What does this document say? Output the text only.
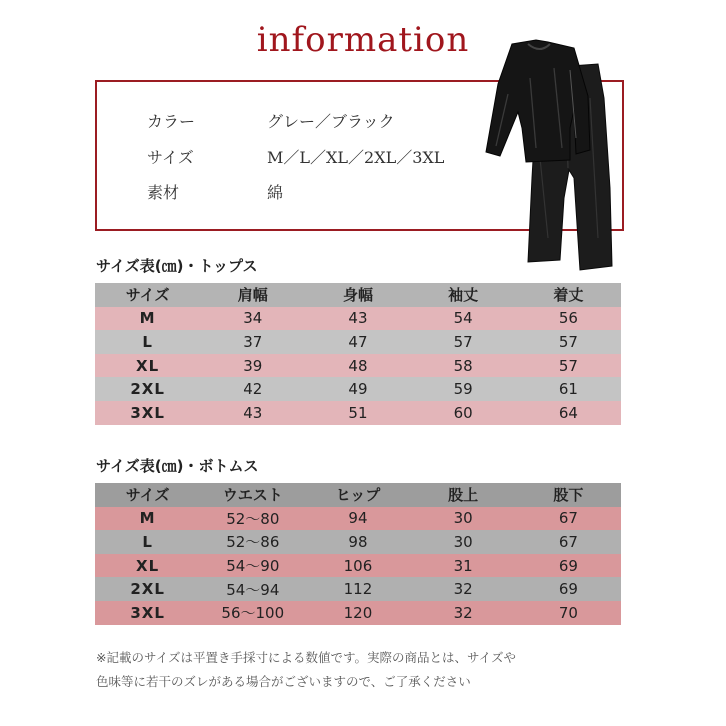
information
カラー	グレー／ブラック
サイズ	M／L／XL／2XL／3XL
素材	綿
サイズ表(㎝)・トップス
サイズ	肩幅	身幅	袖丈	着丈
M	34	43	54	56
L	37	47	57	57
XL	39	48	58	57
2XL	42	49	59	61
3XL	43	51	60	64
サイズ表(㎝)・ボトムス
サイズ	ウエスト	ヒップ	股上	股下
M	52～80	94	30	67
L	52～86	98	30	67
XL	54～90	106	31	69
2XL	54～94	112	32	69
3XL	56～100	120	32	70
※記載のサイズは平置き手採寸による数値です。実際の商品とは、サイズや
色味等に若干のズレがある場合がございますので、ご了承ください
